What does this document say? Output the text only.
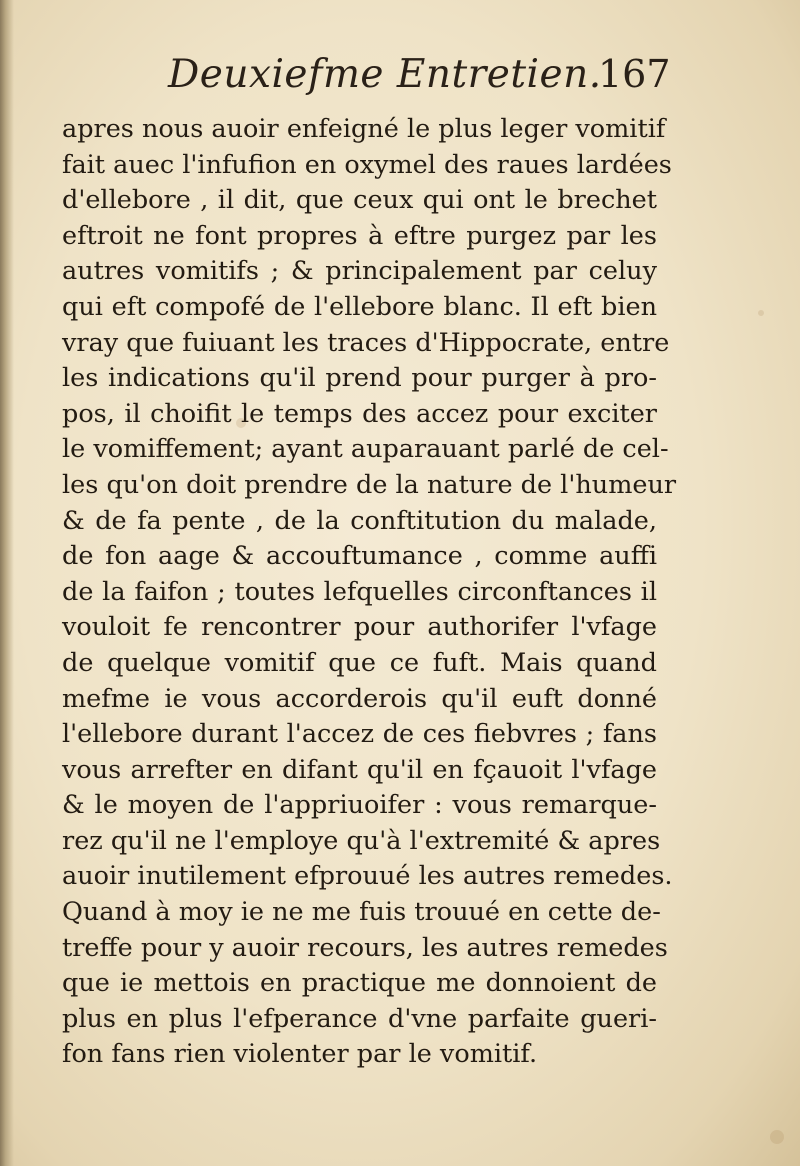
Deuxiefme Entretien.
167
apres nous auoir enfeigné le plus leger vomitif
fait auec l'infufion en oxymel des raues lardées
d'ellebore , il dit, que ceux qui ont le brechet
eftroit ne font propres à eftre purgez par les
autres vomitifs ; & principalement par celuy
qui eft compofé de l'ellebore blanc. Il eft bien
vray que fuiuant les traces d'Hippocrate, entre
les indications qu'il prend pour purger à pro-
pos, il choifit le temps des accez pour exciter
le vomiffement; ayant auparauant parlé de cel-
les qu'on doit prendre de la nature de l'humeur
& de fa pente , de la conftitution du malade,
de fon aage & accouftumance , comme auffi
de la faifon ; toutes lefquelles circonftances il
vouloit fe rencontrer pour authorifer l'vfage
de quelque vomitif que ce fuft. Mais quand
mefme ie vous accorderois qu'il euft donné
l'ellebore durant l'accez de ces fiebvres ; fans
vous arrefter en difant qu'il en fçauoit l'vfage
& le moyen de l'appriuoifer : vous remarque-
rez qu'il ne l'employe qu'à l'extremité & apres
auoir inutilement efprouué les autres remedes.
Quand à moy ie ne me fuis trouué en cette de-
treffe pour y auoir recours, les autres remedes
que ie mettois en practique me donnoient de
plus en plus l'efperance d'vne parfaite gueri-
fon fans rien violenter par le vomitif.
